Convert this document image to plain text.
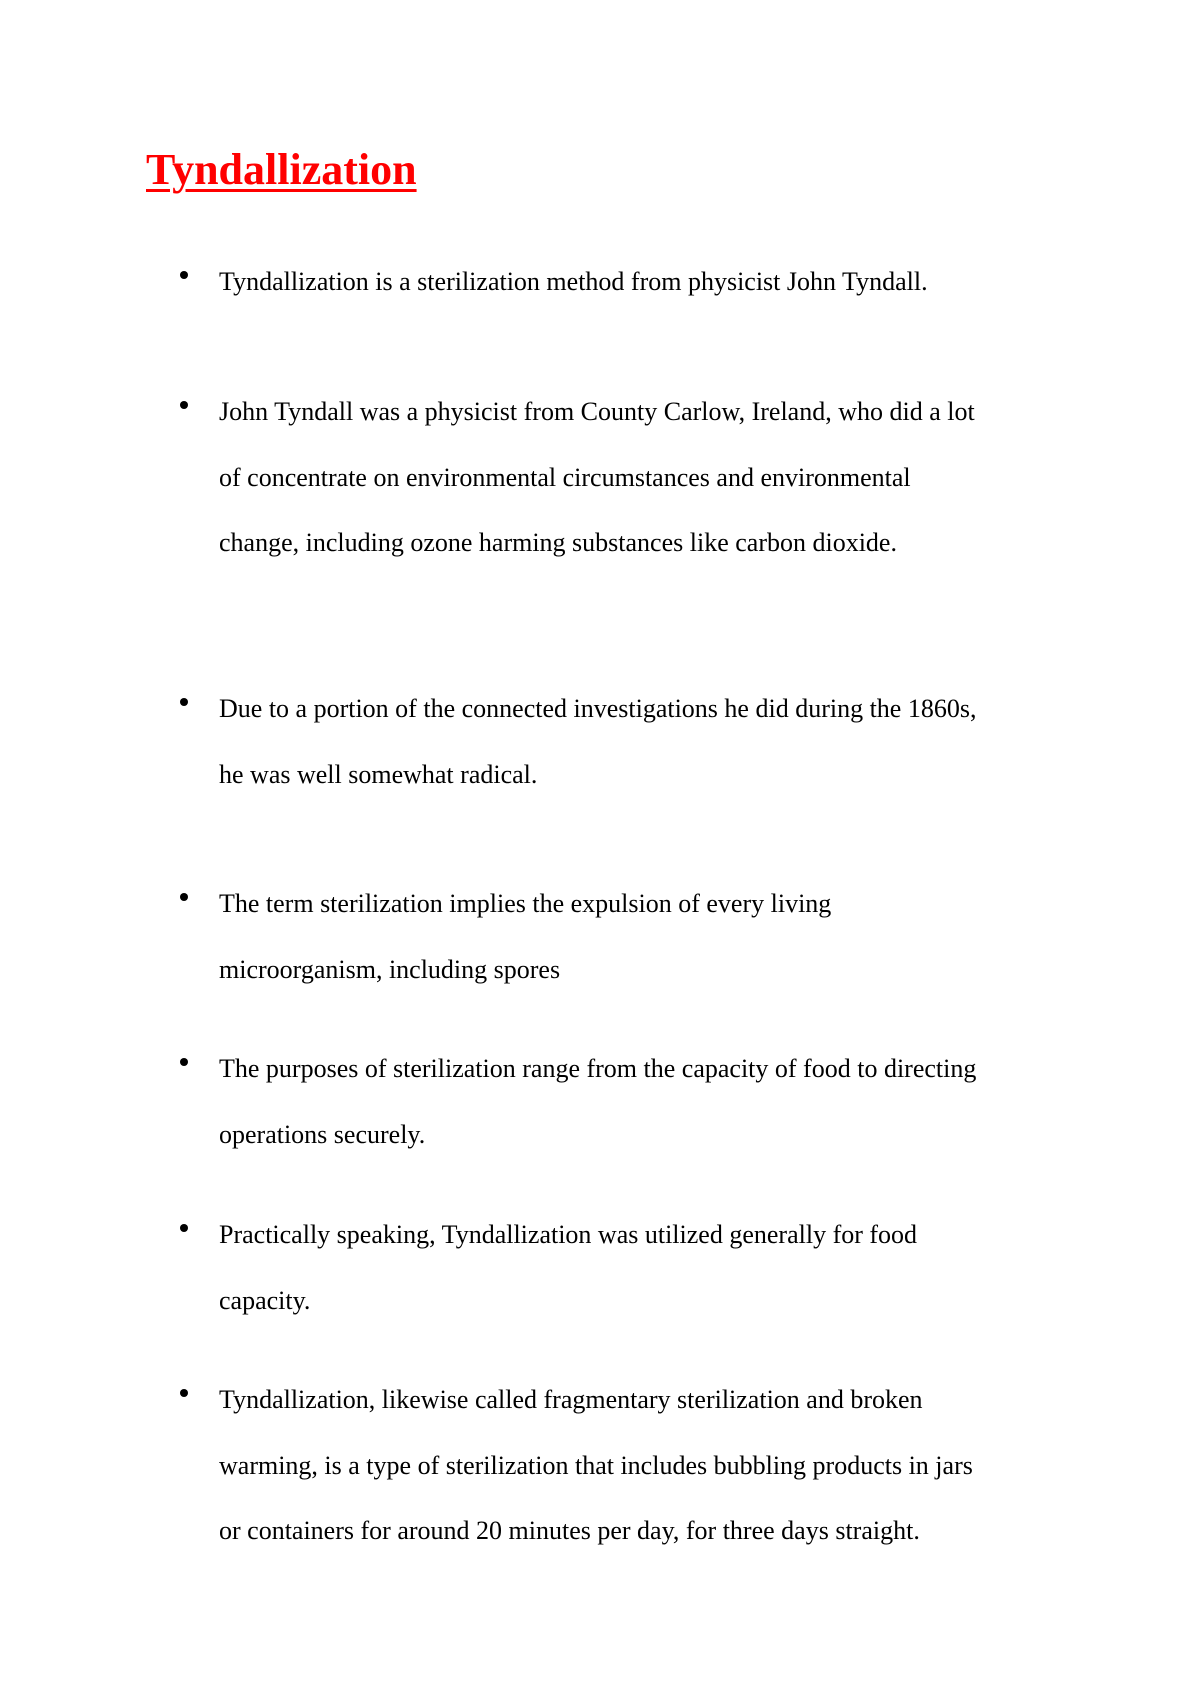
Tyndallization
Tyndallization is a sterilization method from physicist John Tyndall.
John Tyndall was a physicist from County Carlow, Ireland, who did a lot
of concentrate on environmental circumstances and environmental
change, including ozone harming substances like carbon dioxide.
Due to a portion of the connected investigations he did during the 1860s,
he was well somewhat radical.
The term sterilization implies the expulsion of every living
microorganism, including spores
The purposes of sterilization range from the capacity of food to directing
operations securely.
Practically speaking, Tyndallization was utilized generally for food
capacity.
Tyndallization, likewise called fragmentary sterilization and broken
warming, is a type of sterilization that includes bubbling products in jars
or containers for around 20 minutes per day, for three days straight.
